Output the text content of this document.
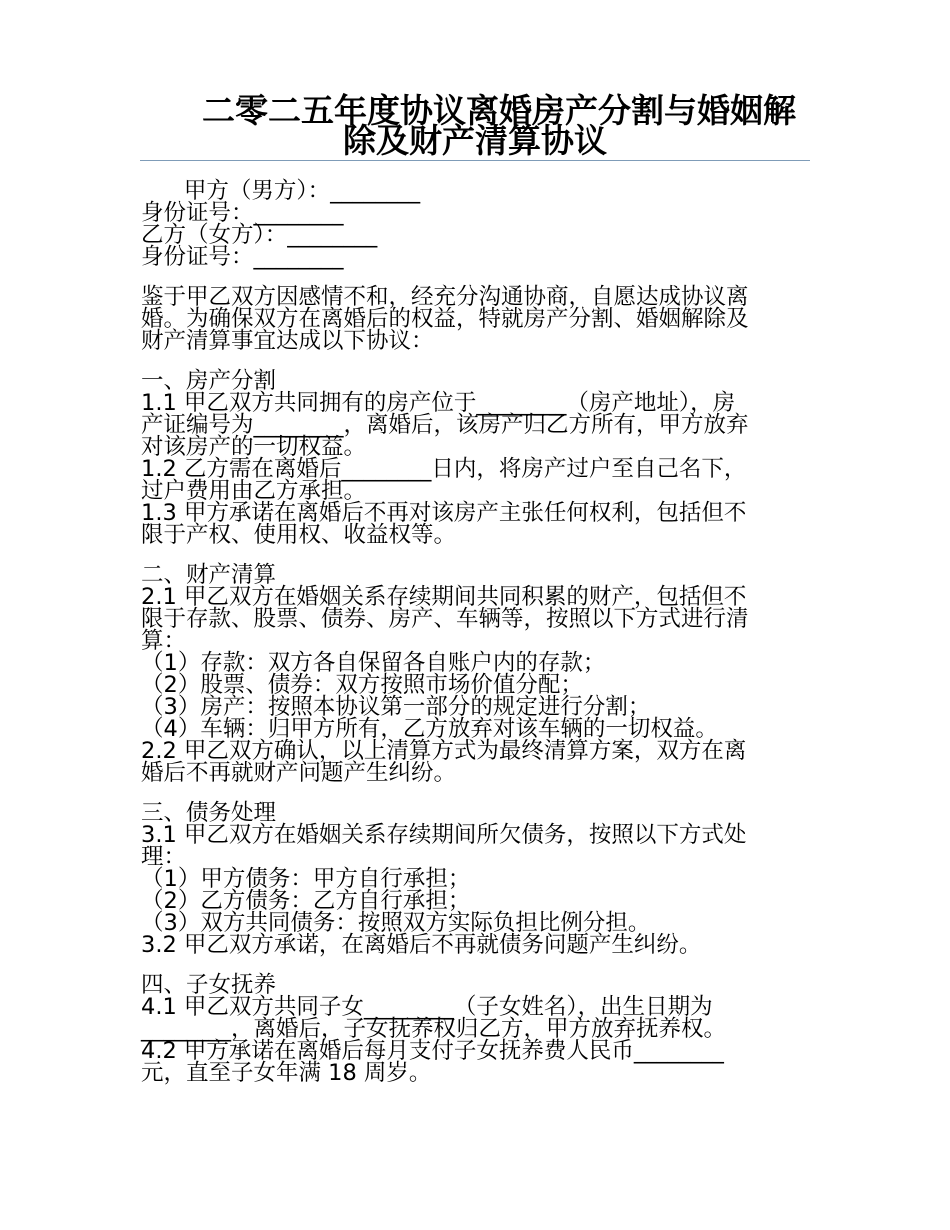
二零二五年度协议离婚房产分割与婚姻解
除及财产清算协议
甲方（男方）：________
身份证号：________
乙方（女方）：________
身份证号：________
鉴于甲乙双方因感情不和，经充分沟通协商，自愿达成协议离
婚。为确保双方在离婚后的权益，特就房产分割、婚姻解除及
财产清算事宜达成以下协议：
一、房产分割
1.1 甲乙双方共同拥有的房产位于________（房产地址），房
产证编号为________，离婚后，该房产归乙方所有，甲方放弃
对该房产的一切权益。
1.2 乙方需在离婚后________日内，将房产过户至自己名下，
过户费用由乙方承担。
1.3 甲方承诺在离婚后不再对该房产主张任何权利，包括但不
限于产权、使用权、收益权等。
二、财产清算
2.1 甲乙双方在婚姻关系存续期间共同积累的财产，包括但不
限于存款、股票、债券、房产、车辆等，按照以下方式进行清
算：
（1）存款：双方各自保留各自账户内的存款；
（2）股票、债券：双方按照市场价值分配；
（3）房产：按照本协议第一部分的规定进行分割；
（4）车辆：归甲方所有，乙方放弃对该车辆的一切权益。
2.2 甲乙双方确认，以上清算方式为最终清算方案，双方在离
婚后不再就财产问题产生纠纷。
三、债务处理
3.1 甲乙双方在婚姻关系存续期间所欠债务，按照以下方式处
理：
（1）甲方债务：甲方自行承担；
（2）乙方债务：乙方自行承担；
（3）双方共同债务：按照双方实际负担比例分担。
3.2 甲乙双方承诺，在离婚后不再就债务问题产生纠纷。
四、子女抚养
4.1 甲乙双方共同子女________（子女姓名），出生日期为
________，离婚后，子女抚养权归乙方，甲方放弃抚养权。
4.2 甲方承诺在离婚后每月支付子女抚养费人民币________
元，直至子女年满 18 周岁。
